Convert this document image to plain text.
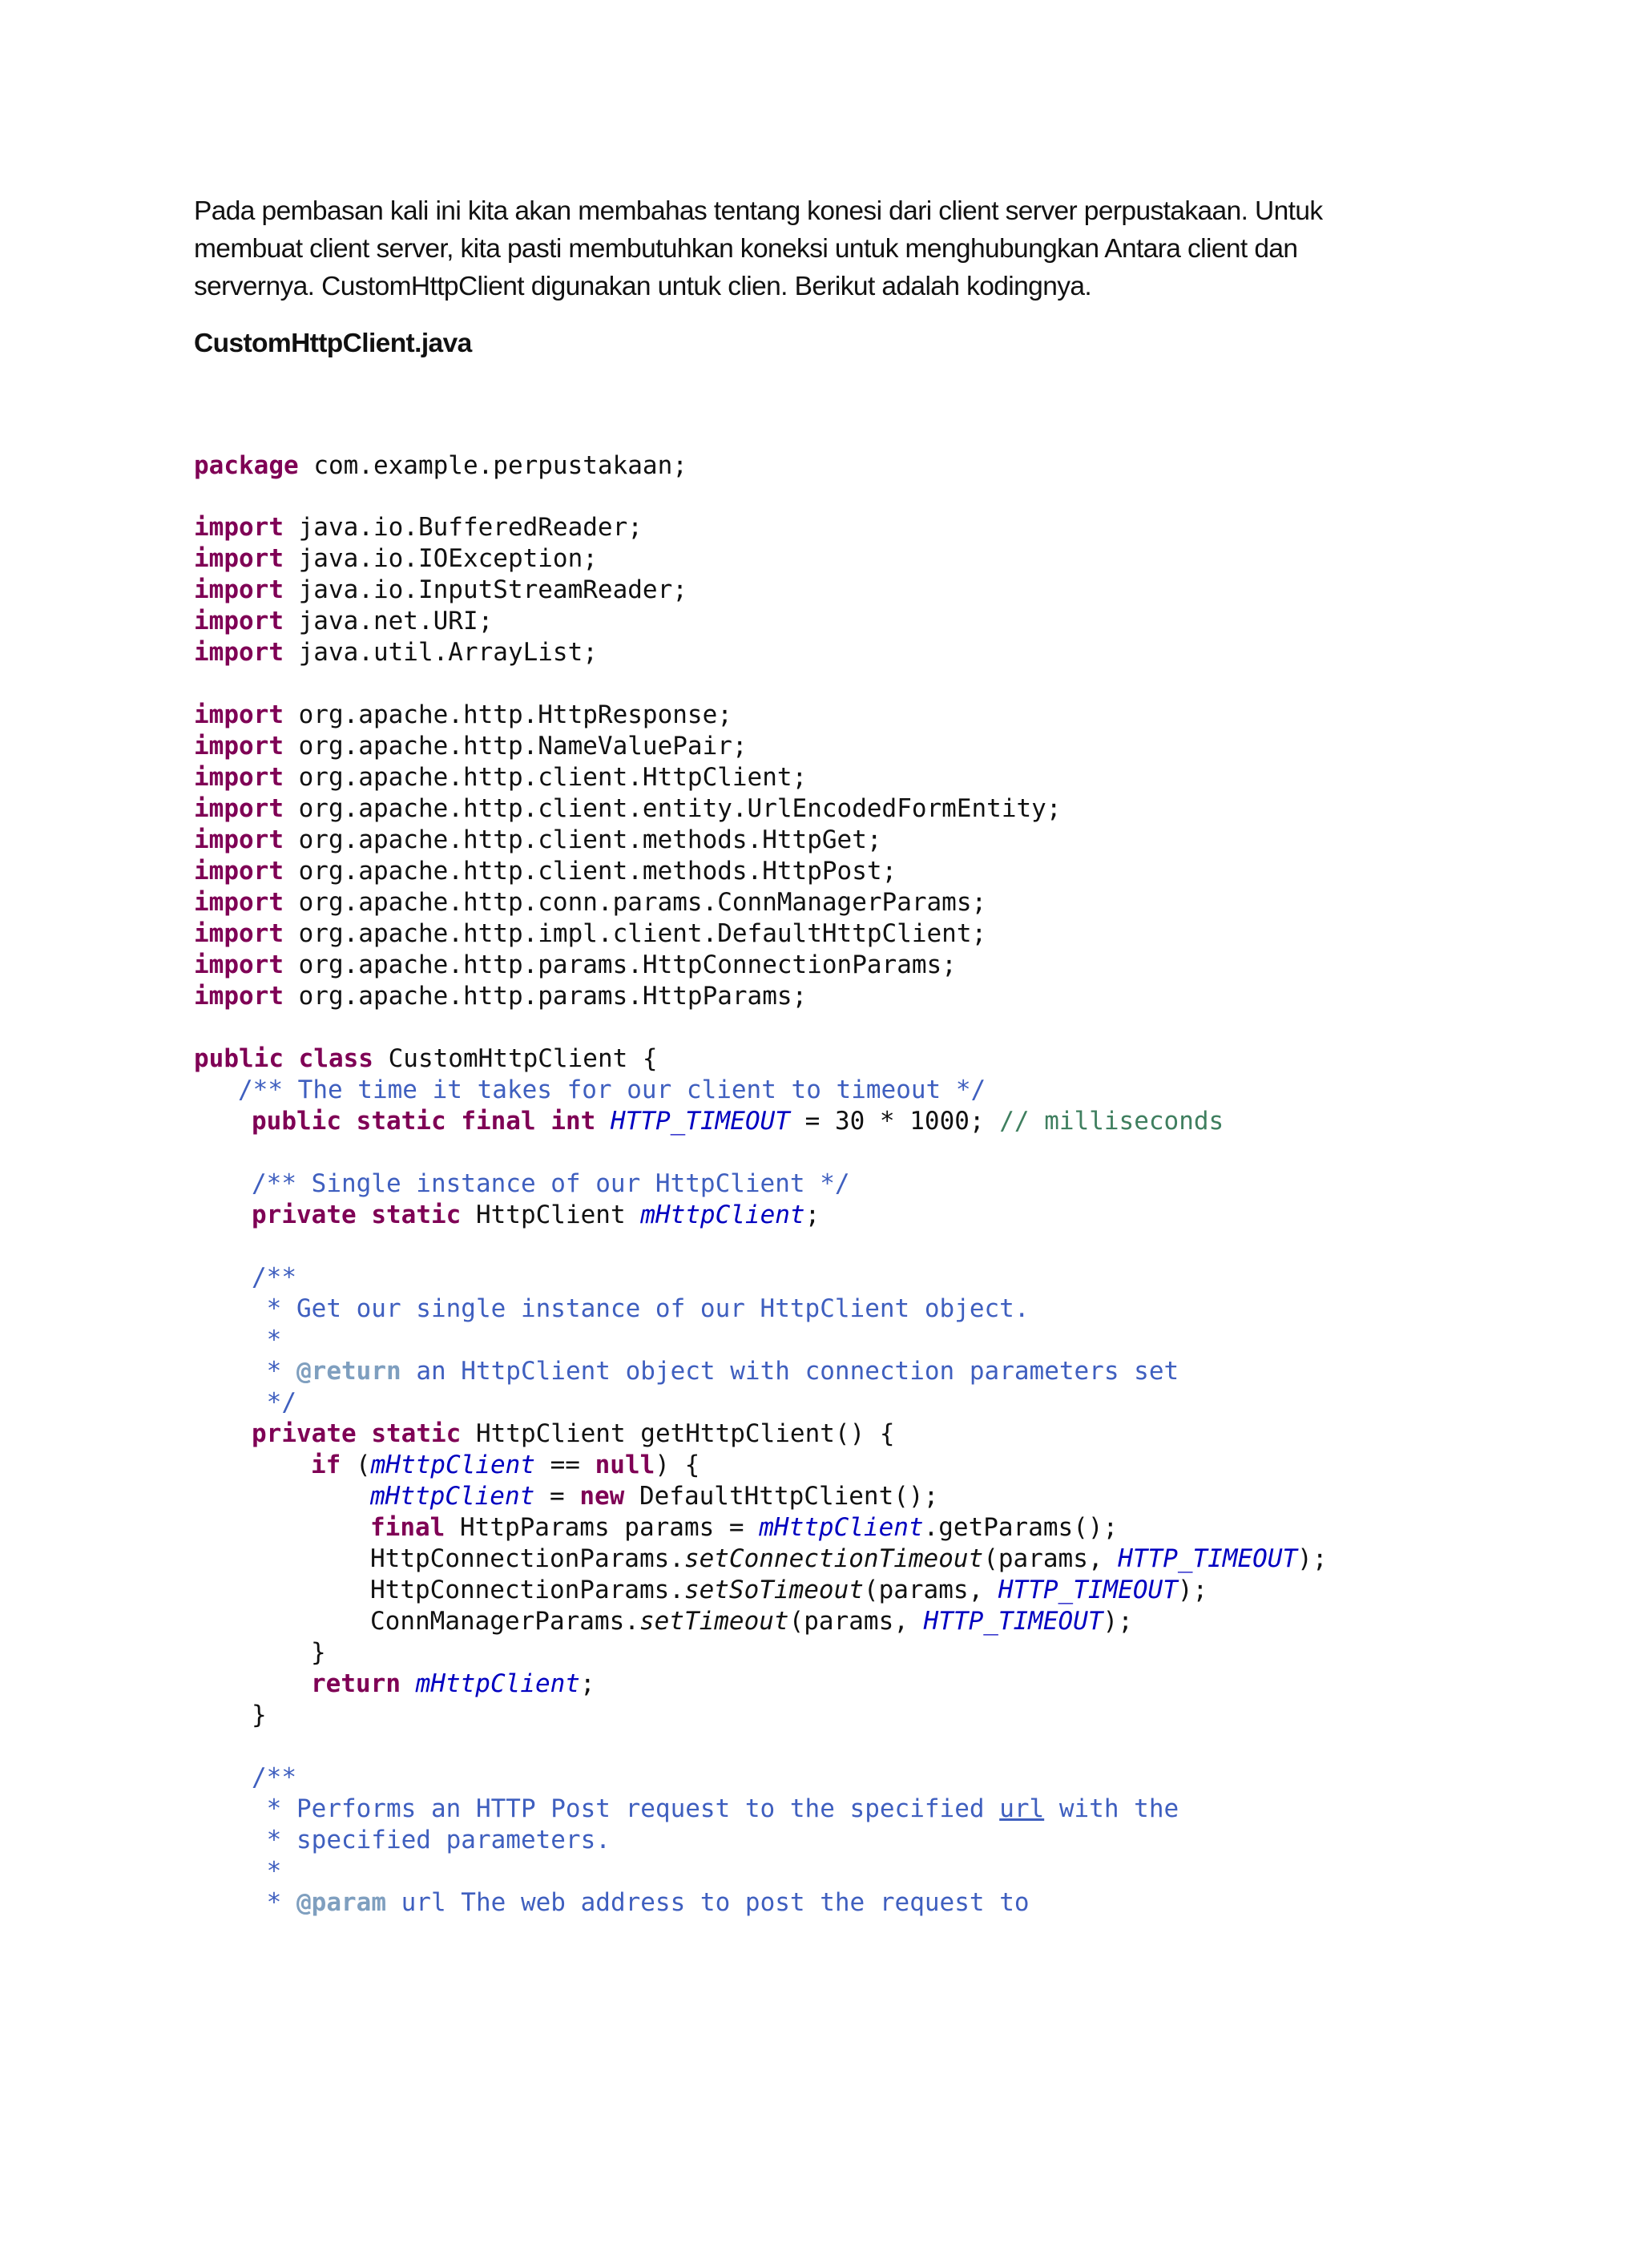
Pada pembasan kali ini kita akan membahas tentang konesi dari client server perpustakaan. Untuk

membuat client server, kita pasti membutuhkan koneksi untuk menghubungkan Antara client dan

servernya. CustomHttpClient digunakan untuk clien. Berikut adalah kodingnya.

CustomHttpClient.java

package com.example.perpustakaan;

import java.io.BufferedReader;

import java.io.IOException;

import java.io.InputStreamReader;

import java.net.URI;

import java.util.ArrayList;

import org.apache.http.HttpResponse;

import org.apache.http.NameValuePair;

import org.apache.http.client.HttpClient;

import org.apache.http.client.entity.UrlEncodedFormEntity;

import org.apache.http.client.methods.HttpGet;

import org.apache.http.client.methods.HttpPost;

import org.apache.http.conn.params.ConnManagerParams;

import org.apache.http.impl.client.DefaultHttpClient;

import org.apache.http.params.HttpConnectionParams;

import org.apache.http.params.HttpParams;

public class CustomHttpClient {

/** The time it takes for our client to timeout */

public static final int HTTP_TIMEOUT = 30 * 1000; // milliseconds

/** Single instance of our HttpClient */

private static HttpClient mHttpClient;

/**

* Get our single instance of our HttpClient object.

*

* @return an HttpClient object with connection parameters set

*/

private static HttpClient getHttpClient() {

if (mHttpClient == null) {

mHttpClient = new DefaultHttpClient();

final HttpParams params = mHttpClient.getParams();

HttpConnectionParams.setConnectionTimeout(params, HTTP_TIMEOUT);

HttpConnectionParams.setSoTimeout(params, HTTP_TIMEOUT);

ConnManagerParams.setTimeout(params, HTTP_TIMEOUT);

}

return mHttpClient;

}

/**

* Performs an HTTP Post request to the specified url with the

* specified parameters.

*

* @param url The web address to post the request to
